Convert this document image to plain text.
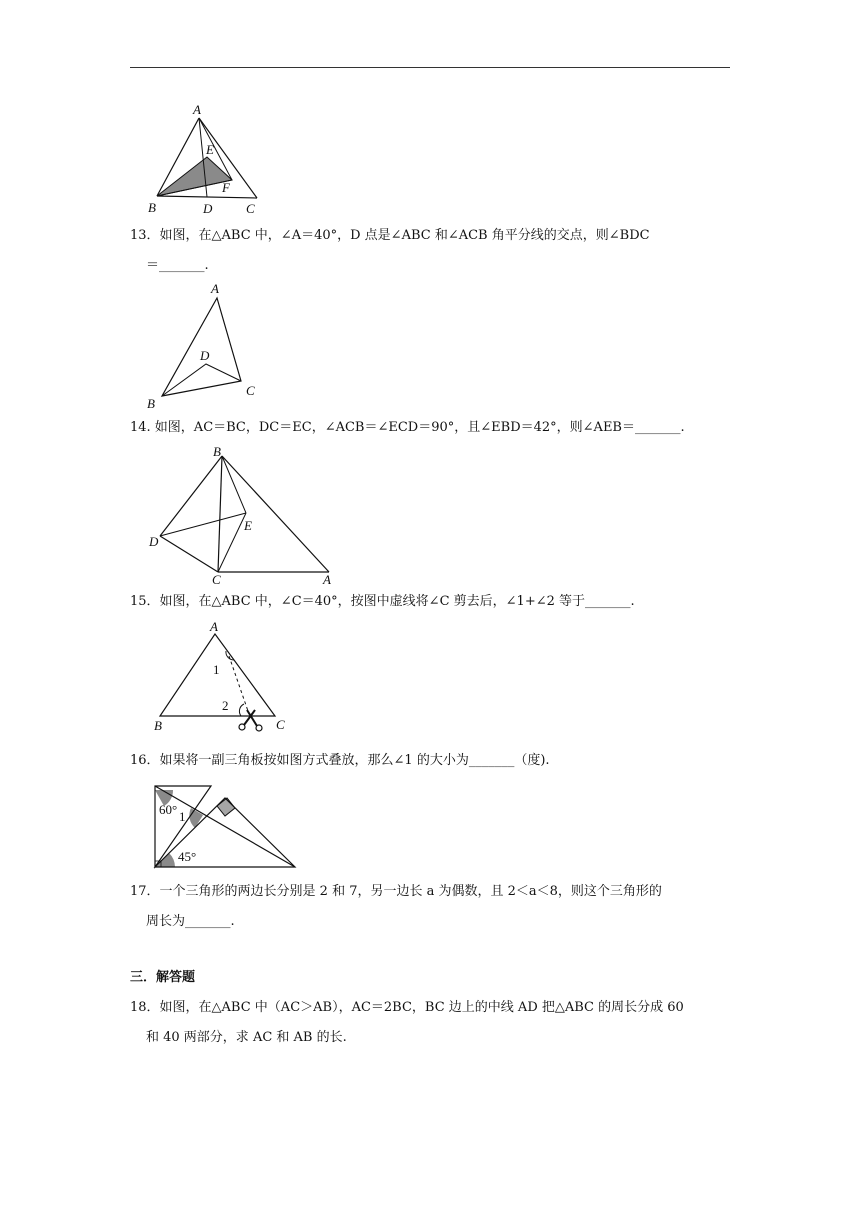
A
E
F
B	D	C
13．如图，在△ABC 中，∠A＝40°，D 点是∠ABC 和∠ACB 角平分线的交点，则∠BDC
＝_______.
A
D
C
B
14. 如图，AC＝BC，DC＝EC，∠ACB＝∠ECD＝90°，且∠EBD＝42°，则∠AEB＝_______.
B
E
D
C	A
15．如图，在△ABC 中，∠C＝40°，按图中虚线将∠C 剪去后，∠1+∠2 等于_______.
A
1
2
B	C
16．如果将一副三角板按如图方式叠放，那么∠1 的大小为_______（度).
60° 1
45°
17．一个三角形的两边长分别是 2 和 7，另一边长 a 为偶数，且 2＜a＜8，则这个三角形的
周长为_______.
三．解答题
18．如图，在△ABC 中（AC＞AB），AC＝2BC，BC 边上的中线 AD 把△ABC 的周长分成 60
和 40 两部分，求 AC 和 AB 的长.
